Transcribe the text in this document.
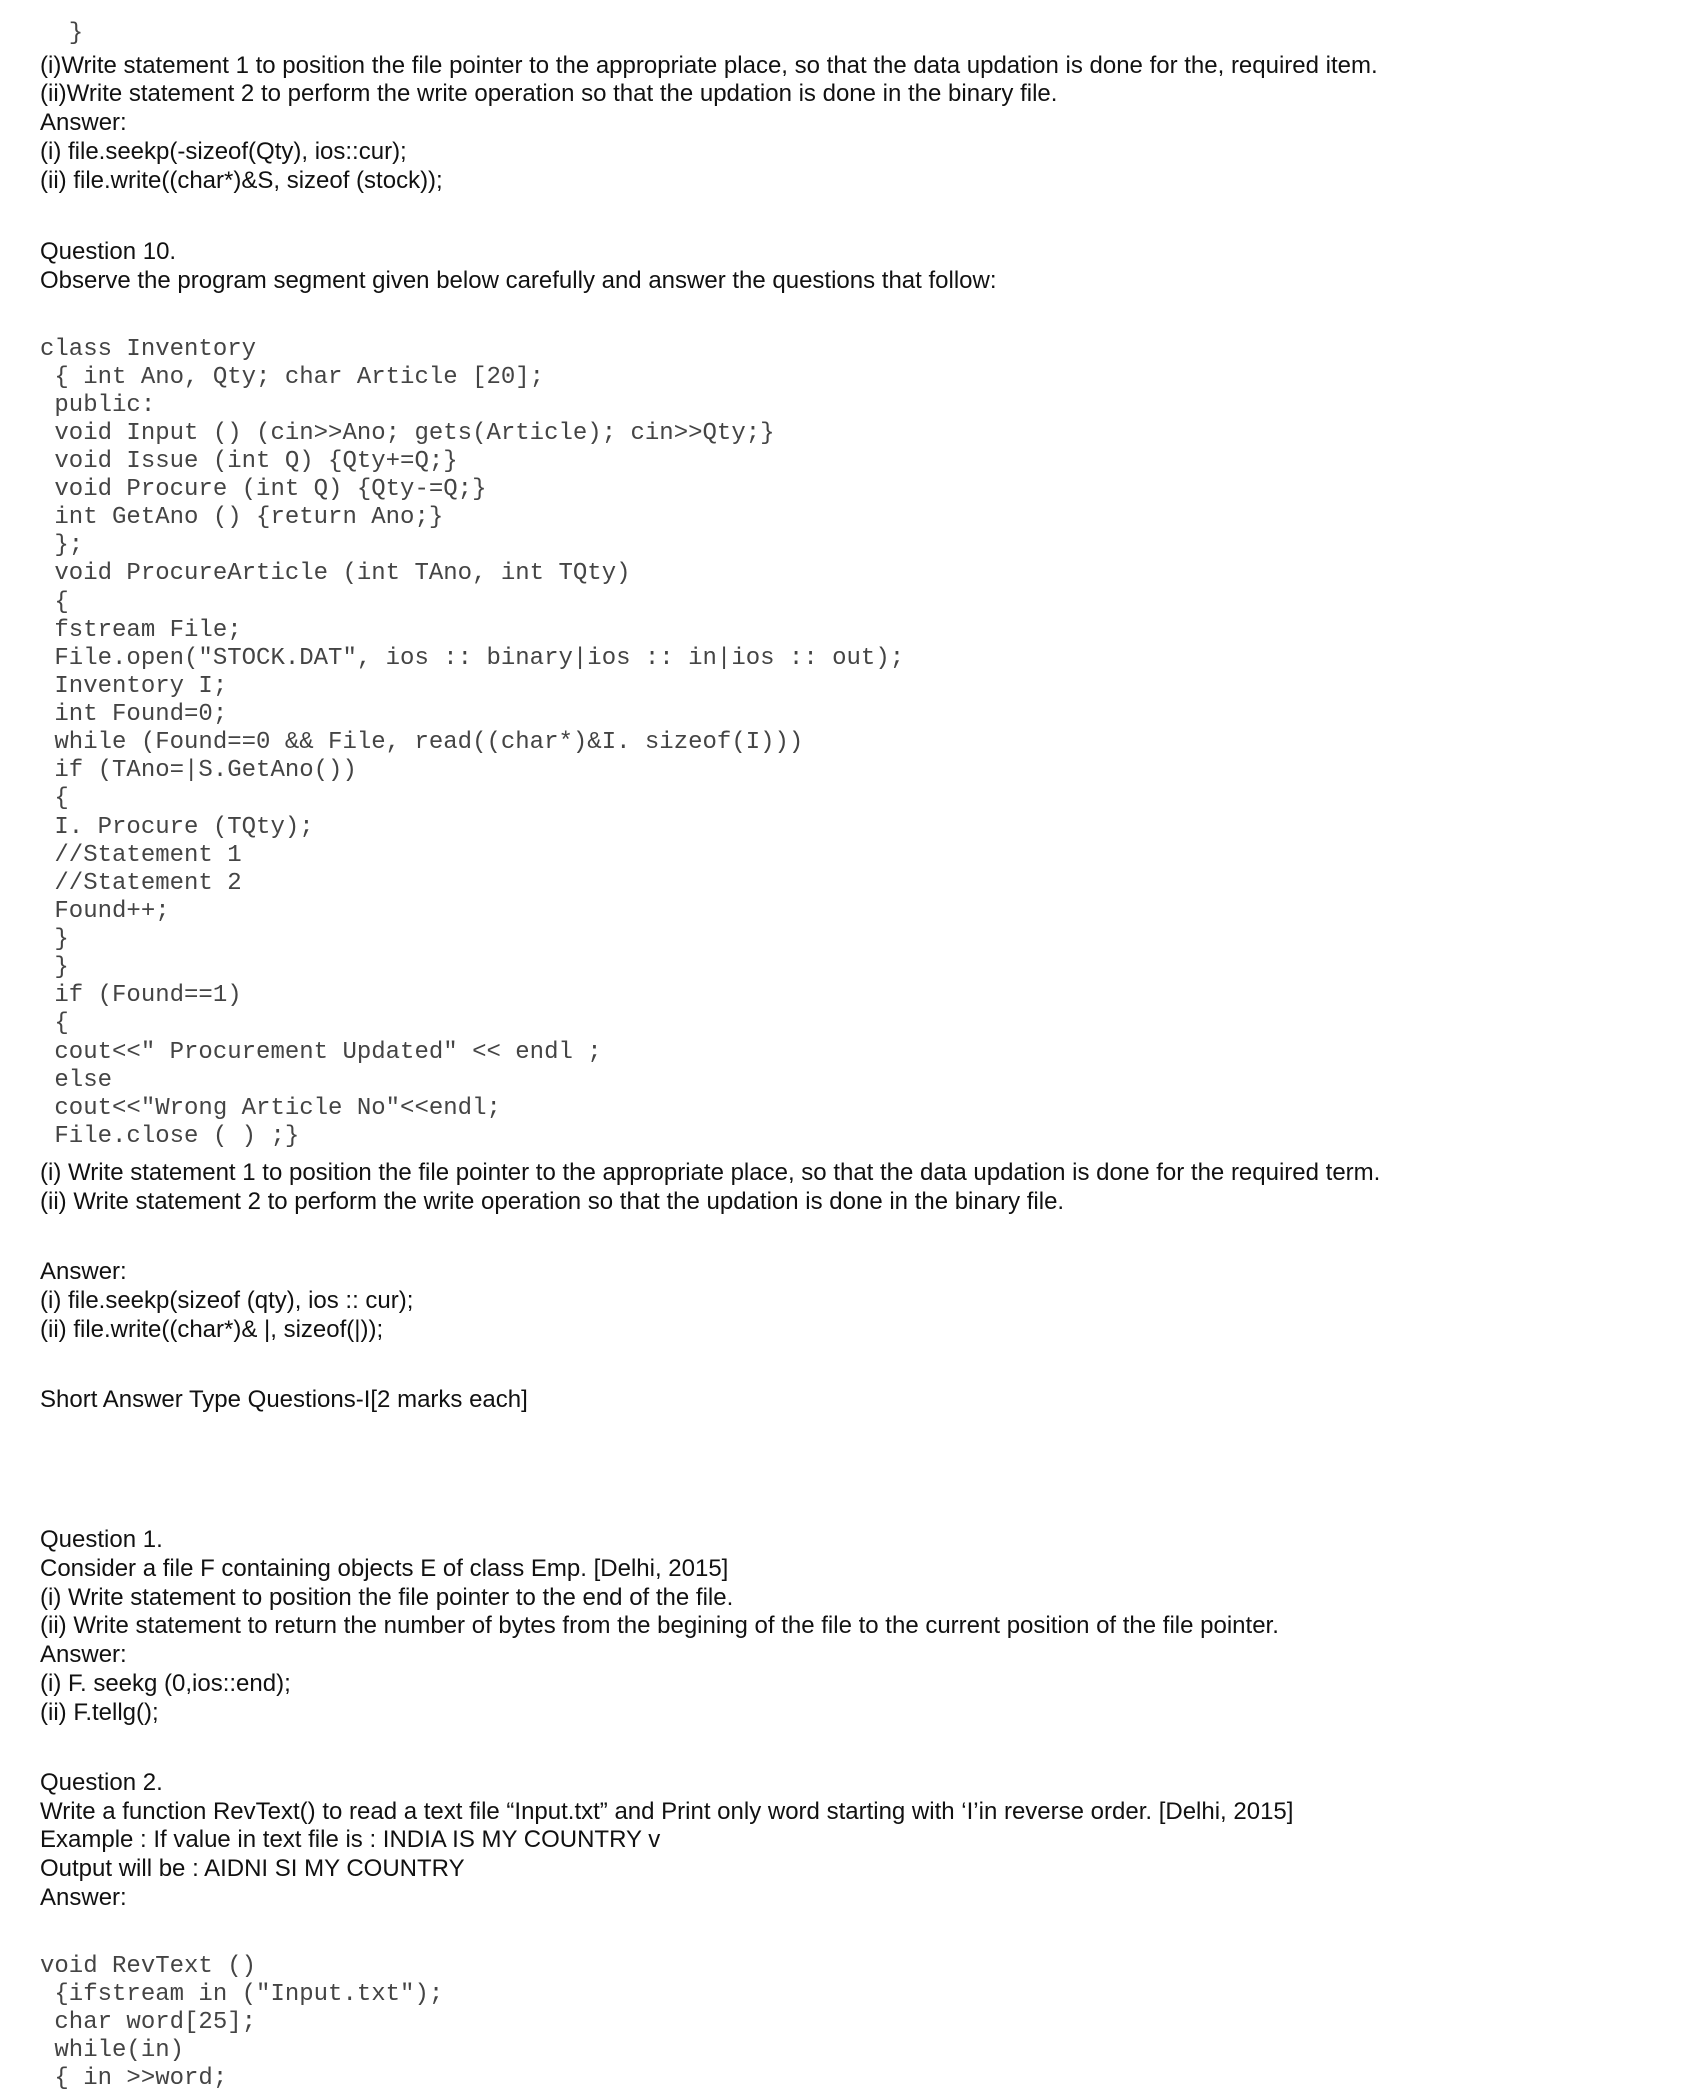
}
(i)Write statement 1 to position the file pointer to the appropriate place, so that the data updation is done for the, required item.
(ii)Write statement 2 to perform the write operation so that the updation is done in the binary file.
Answer:
(i) file.seekp(-sizeof(Qty), ios::cur);
(ii) file.write((char*)&S, sizeof (stock));
Question 10.
Observe the program segment given below carefully and answer the questions that follow:
class Inventory
{ int Ano, Qty; char Article [20];
public:
void Input () (cin>>Ano; gets(Article); cin>>Qty;}
void Issue (int Q) {Qty+=Q;}
void Procure (int Q) {Qty-=Q;}
int GetAno () {return Ano;}
};
void ProcureArticle (int TAno, int TQty)
{
fstream File;
File.open("STOCK.DAT", ios :: binary|ios :: in|ios :: out);
Inventory I;
int Found=0;
while (Found==0 && File, read((char*)&I. sizeof(I)))
if (TAno=|S.GetAno())
{
I. Procure (TQty);
//Statement 1
//Statement 2
Found++;
}
}
if (Found==1)
{
cout<<" Procurement Updated" << endl ;
else
cout<<"Wrong Article No"<<endl;
File.close ( ) ;}
(i) Write statement 1 to position the file pointer to the appropriate place, so that the data updation is done for the required term.
(ii) Write statement 2 to perform the write operation so that the updation is done in the binary file.
Answer:
(i) file.seekp(sizeof (qty), ios :: cur);
(ii) file.write((char*)& |, sizeof(|));
Short Answer Type Questions-I[2 marks each]
Question 1.
Consider a file F containing objects E of class Emp. [Delhi, 2015]
(i) Write statement to position the file pointer to the end of the file.
(ii) Write statement to return the number of bytes from the begining of the file to the current position of the file pointer.
Answer:
(i) F. seekg (0,ios::end);
(ii) F.tellg();
Question 2.
Write a function RevText() to read a text file “Input.txt” and Print only word starting with ‘I’in reverse order. [Delhi, 2015]
Example : If value in text file is : INDIA IS MY COUNTRY v
Output will be : AIDNI SI MY COUNTRY
Answer:
void RevText ()
{ifstream in ("Input.txt");
char word[25];
while(in)
{ in >>word;
